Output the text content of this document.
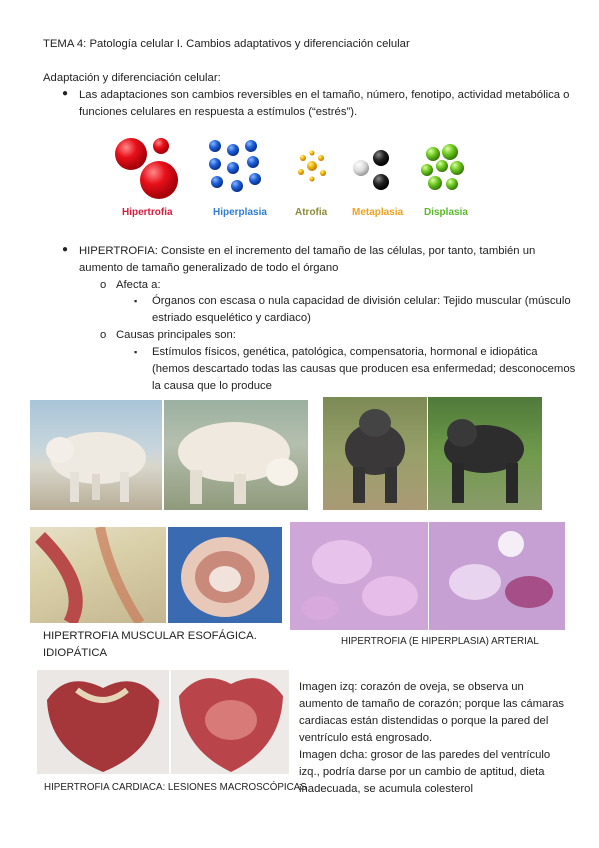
TEMA 4: Patología celular I. Cambios adaptativos y diferenciación celular
Adaptación y diferenciación celular:
● Las adaptaciones son cambios reversibles en el tamaño, número, fenotipo, actividad metabólica o
funciones celulares en respuesta a estímulos (“estrés”).
Hipertrofia	Hiperplasia	Atrofia Metaplasia Displasia
● HIPERTROFIA: Consiste en el incremento del tamaño de las células, por tanto, también un
aumento de tamaño generalizado de todo el órgano
o Afecta a:
▪ Órganos con escasa o nula capacidad de división celular: Tejido muscular (músculo
estriado esquelético y cardiaco)
o Causas principales son:
▪ Estímulos físicos, genética, patológica, compensatoria, hormonal e idiopática
(hemos descartado todas las causas que producen esa enfermedad; desconocemos
la causa que lo produce
HIPERTROFIA MUSCULAR ESOFÁGICA.
IDIOPÁTICA
HIPERTROFIA (E HIPERPLASIA) ARTERIAL
HIPERTROFIA CARDIACA: LESIONES MACROSCÓPICAS
Imagen izq: corazón de oveja, se observa un
aumento de tamaño de corazón; porque las cámaras
cardiacas están distendidas o porque la pared del
ventrículo está engrosado.
Imagen dcha: grosor de las paredes del ventrículo
izq., podría darse por un cambio de aptitud, dieta
inadecuada, se acumula colesterol
